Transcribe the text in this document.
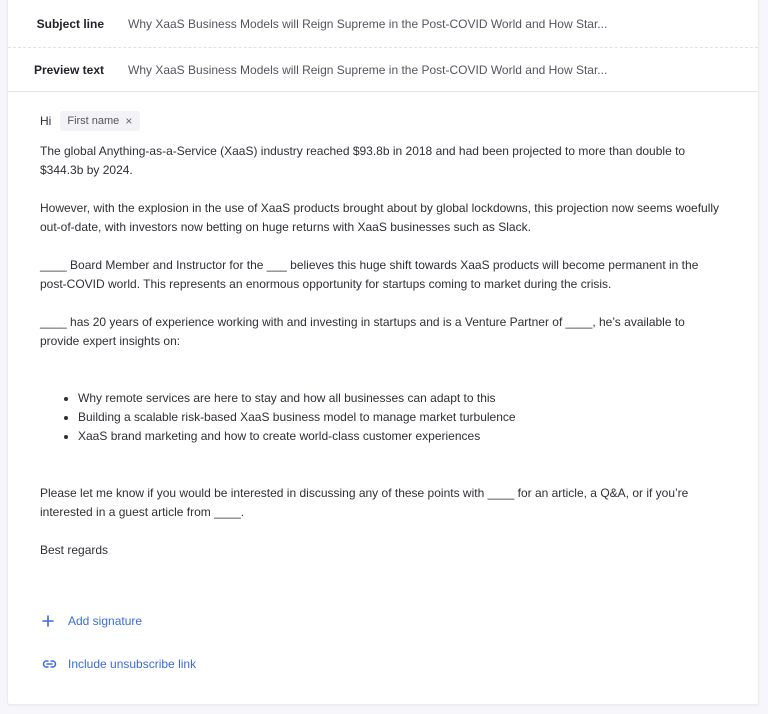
Subject line Why XaaS Business Models will Reign Supreme in the Post-COVID World and How Star...
Preview text Why XaaS Business Models will Reign Supreme in the Post-COVID World and How Star...
Hi First name ×

The global Anything-as-a-Service (XaaS) industry reached $93.8b in 2018 and had been projected to more than double to $344.3b by 2024.

However, with the explosion in the use of XaaS products brought about by global lockdowns, this projection now seems woefully out-of-date, with investors now betting on huge returns with XaaS businesses such as Slack.

____ Board Member and Instructor for the ___ believes this huge shift towards XaaS products will become permanent in the post-COVID world. This represents an enormous opportunity for startups coming to market during the crisis.

____ has 20 years of experience working with and investing in startups and is a Venture Partner of ____, he’s available to provide expert insights on:

• Why remote services are here to stay and how all businesses can adapt to this
• Building a scalable risk-based XaaS business model to manage market turbulence
• XaaS brand marketing and how to create world-class customer experiences

Please let me know if you would be interested in discussing any of these points with ____ for an article, a Q&A, or if you’re interested in a guest article from ____.

Best regards

Add signature
Include unsubscribe link
